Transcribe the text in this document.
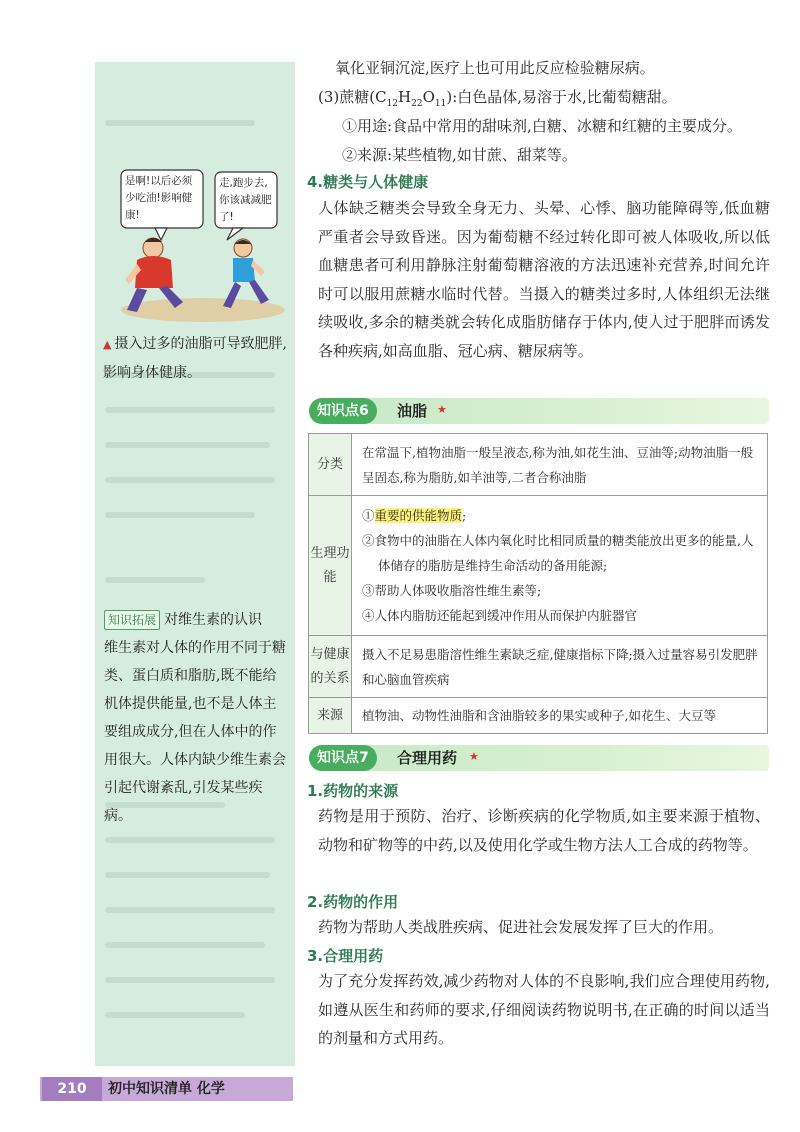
是啊!以后必须少吃油!影响健康!
走,跑步去,你该减减肥了!
▲ 摄入过多的油脂可导致肥胖,影响身体健康。
知识拓展 对维生素的认识
维生素对人体的作用不同于糖类、蛋白质和脂肪,既不能给机体提供能量,也不是人体主要组成成分,但在人体中的作用很大。人体内缺少维生素会引起代谢紊乱,引发某些疾病。
氧化亚铜沉淀,医疗上也可用此反应检验糖尿病。
(3)蔗糖$(C_{12}H_{22}O_{11})$:白色晶体,易溶于水,比葡萄糖甜。
①用途:食品中常用的甜味剂,白糖、冰糖和红糖的主要成分。
②来源:某些植物,如甘蔗、甜菜等。
4.糖类与人体健康
人体缺乏糖类会导致全身无力、头晕、心悸、脑功能障碍等,低血糖严重者会导致昏迷。因为葡萄糖不经过转化即可被人体吸收,所以低血糖患者可利用静脉注射葡萄糖溶液的方法迅速补充营养,时间允许时可以服用蔗糖水临时代替。当摄入的糖类过多时,人体组织无法继续吸收,多余的糖类就会转化成脂肪储存于体内,使人过于肥胖而诱发各种疾病,如高血脂、冠心病、糖尿病等。
知识点6	油脂 ★
分类	在常温下,植物油脂一般呈液态,称为油,如花生油、豆油等;动物油脂一般呈固态,称为脂肪,如羊油等,二者合称油脂
生理功能	①重要的供能物质;
②食物中的油脂在人体内氧化时比相同质量的糖类能放出更多的能量,人体储存的脂肪是维持生命活动的备用能源;
③帮助人体吸收脂溶性维生素等;
④人体内脂肪还能起到缓冲作用从而保护内脏器官

与健康的关系	摄入不足易患脂溶性维生素缺乏症,健康指标下降;摄入过量容易引发肥胖和心脑血管疾病
来源	植物油、动物性油脂和含油脂较多的果实或种子,如花生、大豆等
知识点7	合理用药 ★
1.药物的来源
药物是用于预防、治疗、诊断疾病的化学物质,如主要来源于植物、动物和矿物等的中药,以及使用化学或生物方法人工合成的药物等。
2.药物的作用
药物为帮助人类战胜疾病、促进社会发展发挥了巨大的作用。
3.合理用药
为了充分发挥药效,减少药物对人体的不良影响,我们应合理使用药物,如遵从医生和药师的要求,仔细阅读药物说明书,在正确的时间以适当的剂量和方式用药。
210	初中知识清单 化学
